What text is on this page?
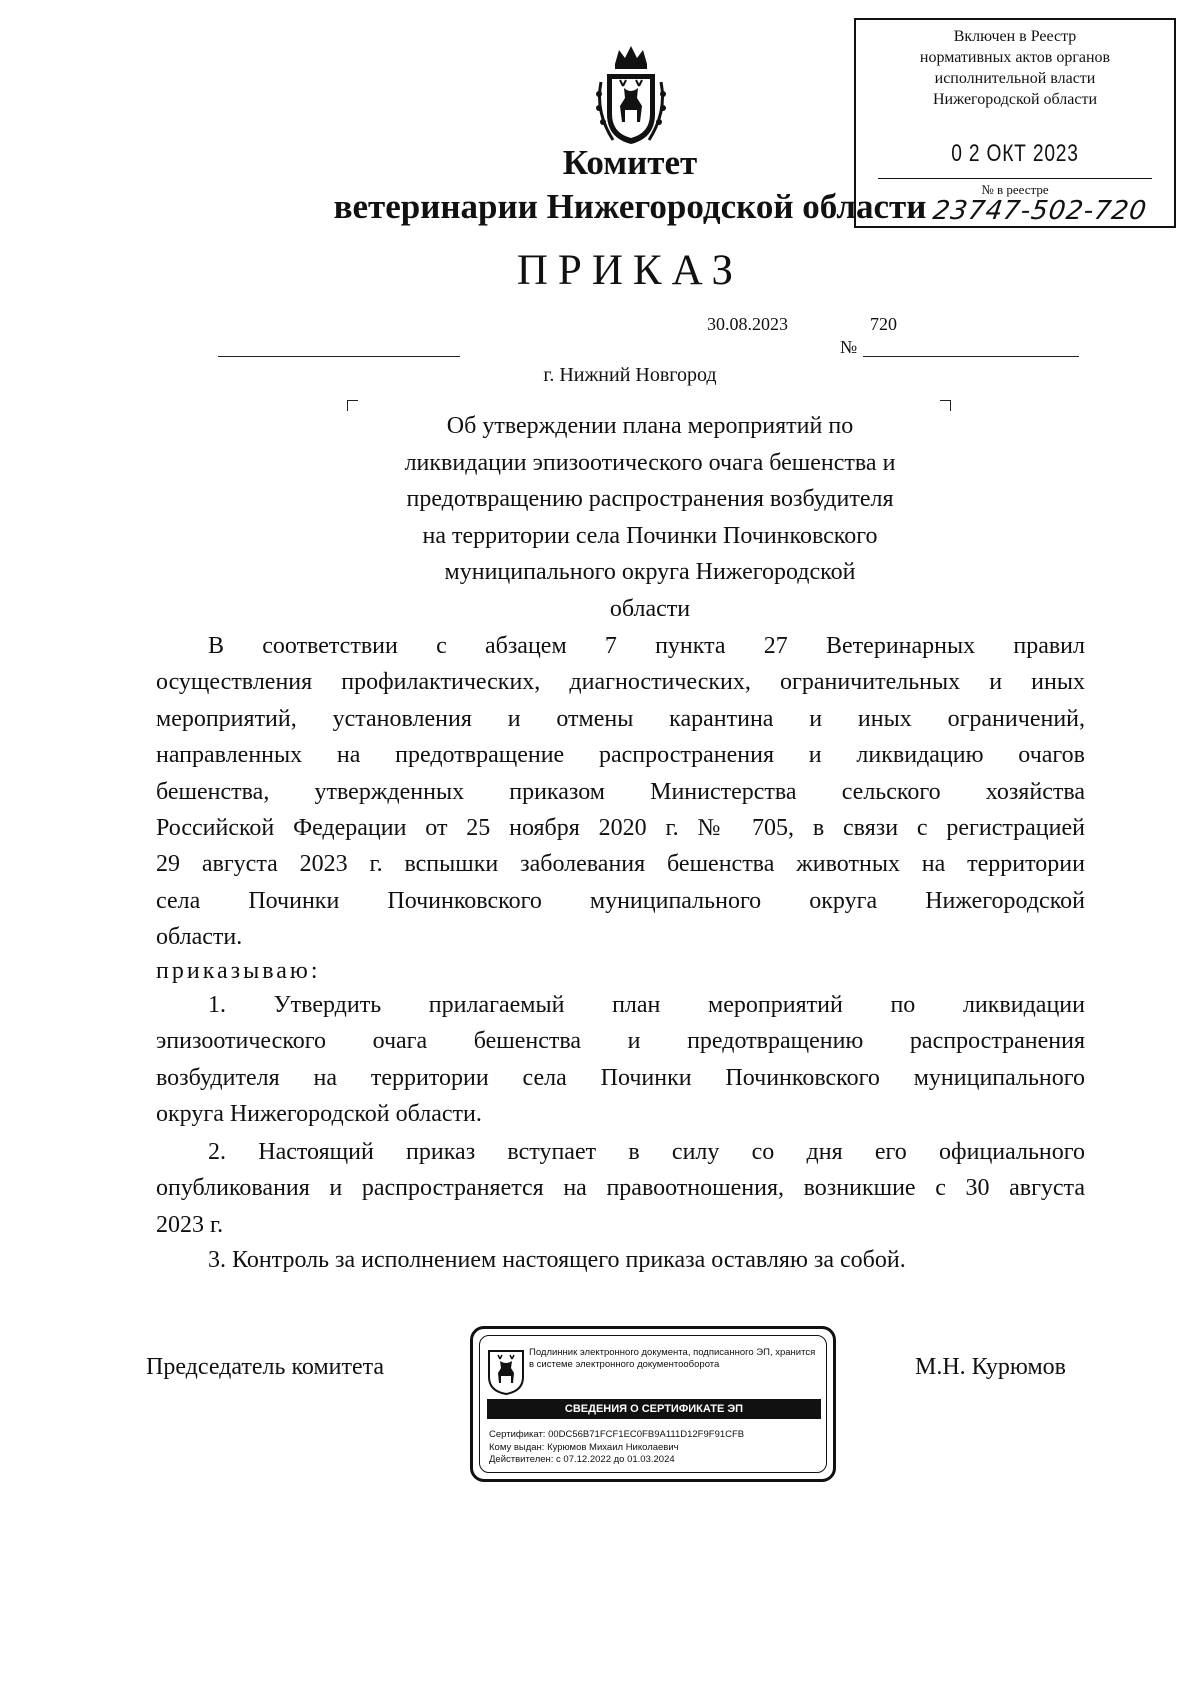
Комитет
ветеринарии Нижегородской области
ПРИКАЗ
30.08.2023
№
720
г. Нижний Новгород
Об утверждении плана мероприятий по
ликвидации эпизоотического очага бешенства и
предотвращению распространения возбудителя
на территории села Починки Починковского
муниципального округа Нижегородской
области
В соответствии с абзацем 7 пункта 27 Ветеринарных правил
осуществления профилактических, диагностических, ограничительных и иных
мероприятий, установления и отмены карантина и иных ограничений,
направленных на предотвращение распространения и ликвидацию очагов
бешенства, утвержденных приказом Министерства сельского хозяйства
Российской Федерации от 25 ноября 2020 г. № 705, в связи с регистрацией
29 августа 2023 г. вспышки заболевания бешенства животных на территории
села Починки Починковского муниципального округа Нижегородской
области.
приказываю:
1. Утвердить прилагаемый план мероприятий по ликвидации
эпизоотического очага бешенства и предотвращению распространения
возбудителя на территории села Починки Починковского муниципального
округа Нижегородской области.
2. Настоящий приказ вступает в силу со дня его официального
опубликования и распространяется на правоотношения, возникшие с 30 августа
2023 г.
3. Контроль за исполнением настоящего приказа оставляю за собой.
Председатель комитета	М.Н. Курюмов
Подлинник электронного документа, подписанного ЭП, хранится в системе электронного документооборота
СВЕДЕНИЯ О СЕРТИФИКАТЕ ЭП
Сертификат: 00DC56B71FCF1EC0FB9A111D12F9F91CFB
Кому выдан: Курюмов Михаил Николаевич
Действителен: с 07.12.2022 до 01.03.2024
Включен в Реестр
нормативных актов органов
исполнительной власти
Нижегородской области
0 2 ОКТ 2023
№ в реестре
23747-502-720
